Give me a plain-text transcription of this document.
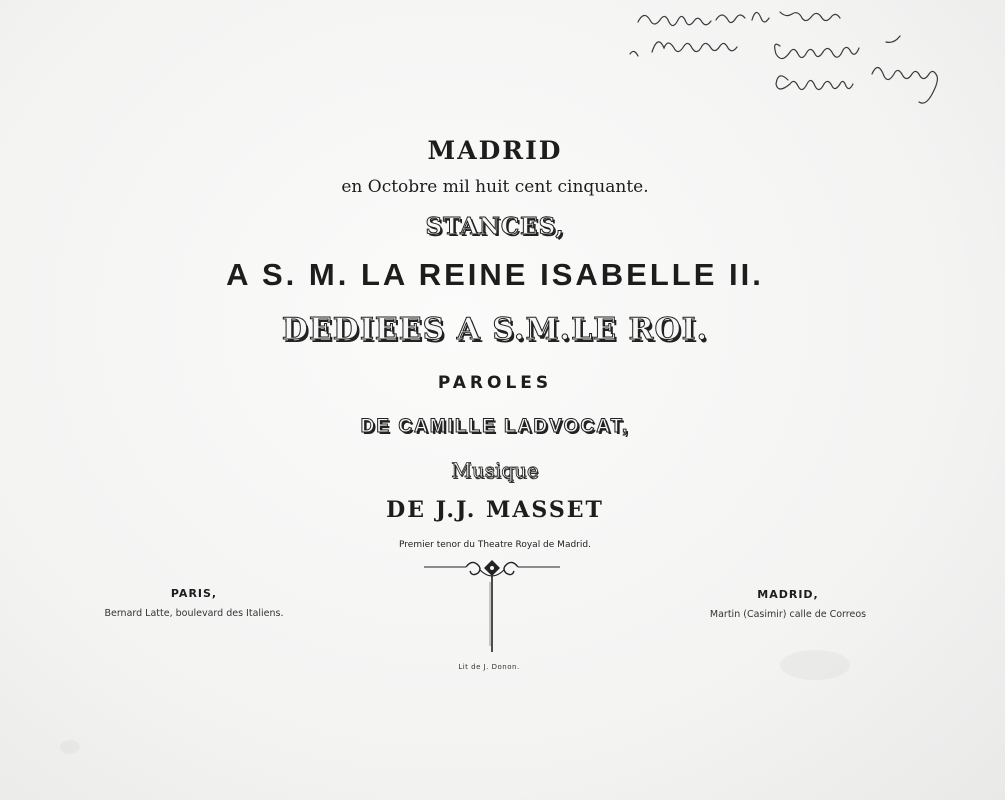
MADRID
en Octobre mil huit cent cinquante.
STANCES,
A S. M. LA REINE ISABELLE II.
DEDIEES A S.M.LE ROI.
PAROLES
DE CAMILLE LADVOCAT,
Musique
DE J.J. MASSET
Premier tenor du Theatre Royal de Madrid.
PARIS,
Bernard Latte, boulevard des Italiens.
MADRID,
Martin (Casimir) calle de Correos
Lit de J. Donon.
